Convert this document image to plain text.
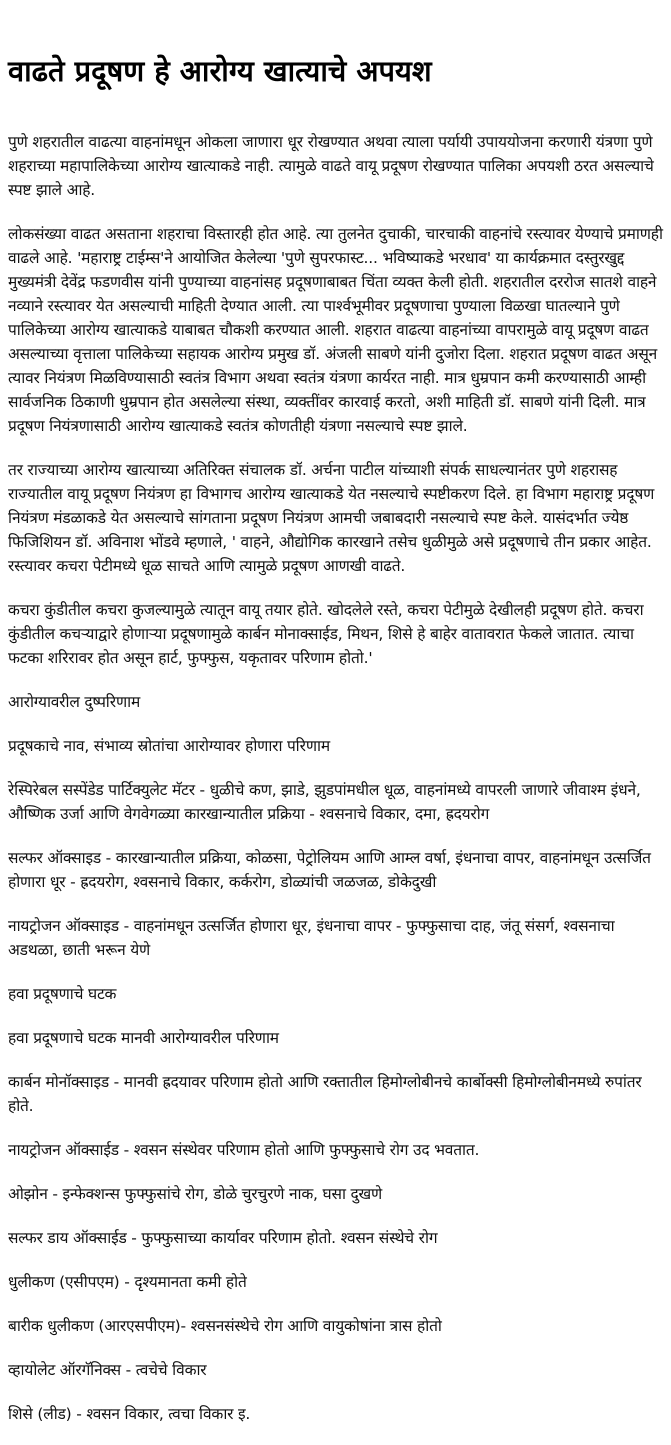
वाढते प्रदूषण हे आरोग्य खात्याचे अपयश

पुणे शहरातील वाढत्या वाहनांमधून ओकला जाणारा धूर रोखण्यात अथवा त्याला पर्यायी उपाययोजना करणारी यंत्रणा पुणे शहराच्या महापालिकेच्या आरोग्य खात्याकडे नाही. त्यामुळे वाढते वायू प्रदूषण रोखण्यात पालिका अपयशी ठरत असल्याचे स्पष्ट झाले आहे.

लोकसंख्या वाढत असताना शहराचा विस्तारही होत आहे. त्या तुलनेत दुचाकी, चारचाकी वाहनांचे रस्त्यावर येण्याचे प्रमाणही वाढले आहे. 'महाराष्ट्र टाईम्स'ने आयोजित केलेल्या 'पुणे सुपरफास्ट... भविष्याकडे भरधाव' या कार्यक्रमात दस्तुरखुद्द मुख्यमंत्री देवेंद्र फडणवीस यांनी पुण्याच्या वाहनांसह प्रदूषणाबाबत चिंता व्यक्त केली होती. शहरातील दररोज सातशे वाहने नव्याने रस्त्यावर येत असल्याची माहिती देण्यात आली. त्या पार्श्वभूमीवर प्रदूषणाचा पुण्याला विळखा घातल्याने पुणे पालिकेच्या आरोग्य खात्याकडे याबाबत चौकशी करण्यात आली. शहरात वाढत्या वाहनांच्या वापरामुळे वायू प्रदूषण वाढत असल्याच्या वृत्ताला पालिकेच्या सहायक आरोग्य प्रमुख डॉ. अंजली साबणे यांनी दुजोरा दिला. शहरात प्रदूषण वाढत असून त्यावर नियंत्रण मिळविण्यासाठी स्वतंत्र विभाग अथवा स्वतंत्र यंत्रणा कार्यरत नाही. मात्र धुम्रपान कमी करण्यासाठी आम्ही सार्वजनिक ठिकाणी धुम्रपान होत असलेल्या संस्था, व्यक्तींवर कारवाई करतो, अशी माहिती डॉ. साबणे यांनी दिली. मात्र प्रदूषण नियंत्रणासाठी आरोग्य खात्याकडे स्वतंत्र कोणतीही यंत्रणा नसल्याचे स्पष्ट झाले.

तर राज्याच्या आरोग्य खात्याच्या अतिरिक्त संचालक डॉ. अर्चना पाटील यांच्याशी संपर्क साधल्यानंतर पुणे शहरासह राज्यातील वायू प्रदूषण नियंत्रण हा विभागच आरोग्य खात्याकडे येत नसल्याचे स्पष्टीकरण दिले. हा विभाग महाराष्ट्र प्रदूषण नियंत्रण मंडळाकडे येत असल्याचे सांगताना प्रदूषण नियंत्रण आमची जबाबदारी नसल्याचे स्पष्ट केले. यासंदर्भात ज्येष्ठ फिजिशियन डॉ. अविनाश भोंडवे म्हणाले, ' वाहने, औद्योगिक कारखाने तसेच धुळीमुळे असे प्रदूषणाचे तीन प्रकार आहेत. रस्त्यावर कचरा पेटीमध्ये धूळ साचते आणि त्यामुळे प्रदूषण आणखी वाढते.

कचरा कुंडीतील कचरा कुजल्यामुळे त्यातून वायू तयार होते. खोदलेले रस्ते, कचरा पेटीमुळे देखीलही प्रदूषण होते. कचरा कुंडीतील कचऱ्याद्वारे होणाऱ्या प्रदूषणामुळे कार्बन मोनाक्साईड, मिथन, शिसे हे बाहेर वातावरात फेकले जातात. त्याचा फटका शरिरावर होत असून हार्ट, फुफ्फुस, यकृतावर परिणाम होतो.'

आरोग्यावरील दुष्परिणाम

प्रदूषकाचे नाव, संभाव्य स्रोतांचा आरोग्यावर होणारा परिणाम

रेस्पिरेबल सस्पेंडेड पार्टिक्युलेट मॅटर - धुळीचे कण, झाडे, झुडपांमधील धूळ, वाहनांमध्ये वापरली जाणारे जीवाश्म इंधने, औष्णिक उर्जा आणि वेगवेगळ्या कारखान्यातील प्रक्रिया - श्वसनाचे विकार, दमा, ह्रदयरोग

सल्फर ऑक्साइड - कारखान्यातील प्रक्रिया, कोळसा, पेट्रोलियम आणि आम्ल वर्षा, इंधनाचा वापर, वाहनांमधून उत्सर्जित होणारा धूर - ह्रदयरोग, श्वसनाचे विकार, कर्करोग, डोळ्यांची जळजळ, डोकेदुखी

नायट्रोजन ऑक्साइड - वाहनांमधून उत्सर्जित होणारा धूर, इंधनाचा वापर - फुफ्फुसाचा दाह, जंतू संसर्ग, श्वसनाचा अडथळा, छाती भरून येणे

हवा प्रदूषणाचे घटक

हवा प्रदूषणाचे घटक मानवी आरोग्यावरील परिणाम

कार्बन मोनॉक्साइड - मानवी ह्रदयावर परिणाम होतो आणि रक्तातील हिमोग्लोबीनचे कार्बोक्सी हिमोग्लोबीनमध्ये रुपांतर होते.

नायट्रोजन ऑक्साईड - श्वसन संस्थेवर परिणाम होतो आणि फुफ्फुसाचे रोग उद भवतात.

ओझोन - इन्फेक्शन्स फुफ्फुसांचे रोग, डोळे चुरचुरणे नाक, घसा दुखणे

सल्फर डाय ऑक्साईड - फुफ्फुसाच्या कार्यावर परिणाम होतो. श्वसन संस्थेचे रोग

धुलीकण (एसीपएम) - दृश्यमानता कमी होते

बारीक धुलीकण (आरएसपीएम)- श्वसनसंस्थेचे रोग आणि वायुकोषांना त्रास होतो

व्हायोलेट ऑरगॅनिक्स - त्वचेचे विकार

शिसे (लीड) - श्वसन विकार, त्वचा विकार इ.
